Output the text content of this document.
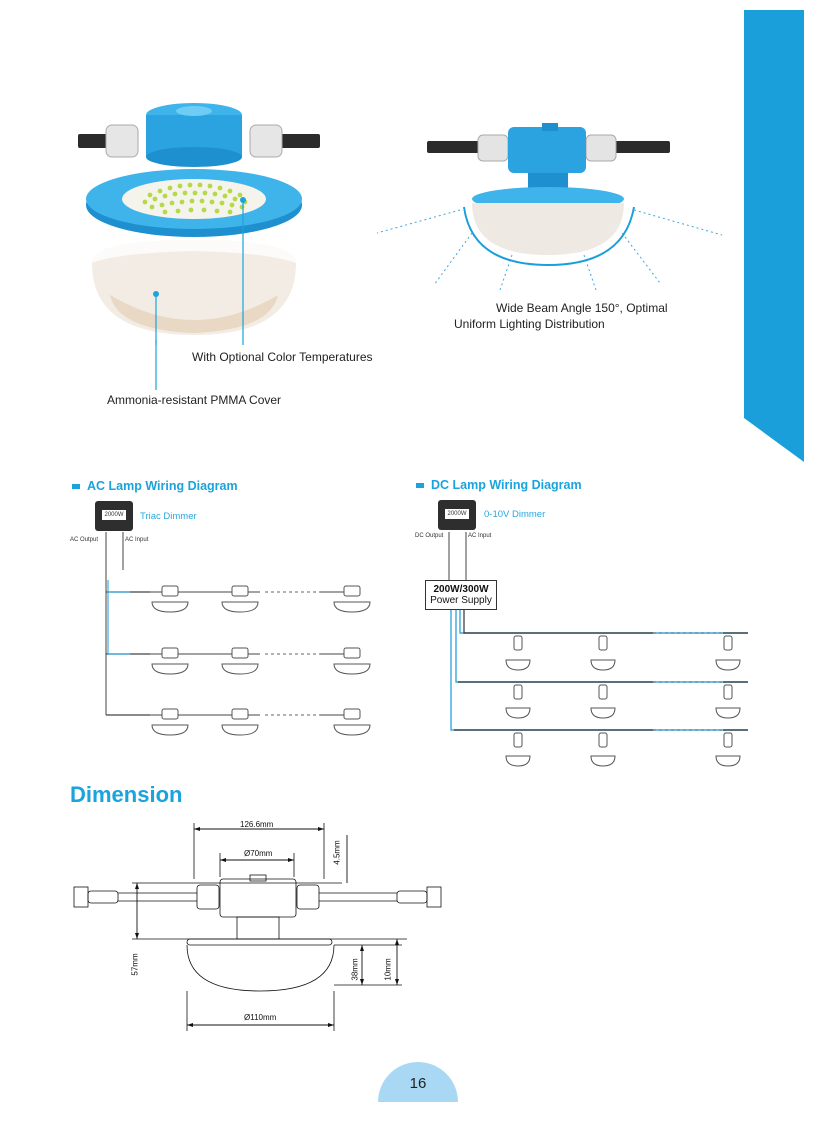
With Optional Color Temperatures
Ammonia-resistant PMMA Cover
Wide Beam Angle 150°, Optimal
Uniform Lighting Distribution
AC Lamp Wiring Diagram
2000W Triac Dimmer
AC Output	AC Input
DC Lamp Wiring Diagram
2000W 0-10V Dimmer
DC Output	AC Input
200W/300W
Power Supply
Dimension
126.6mm
Ø70mm	4.5mm
57mm	38mm	10mm
Ø110mm
16
